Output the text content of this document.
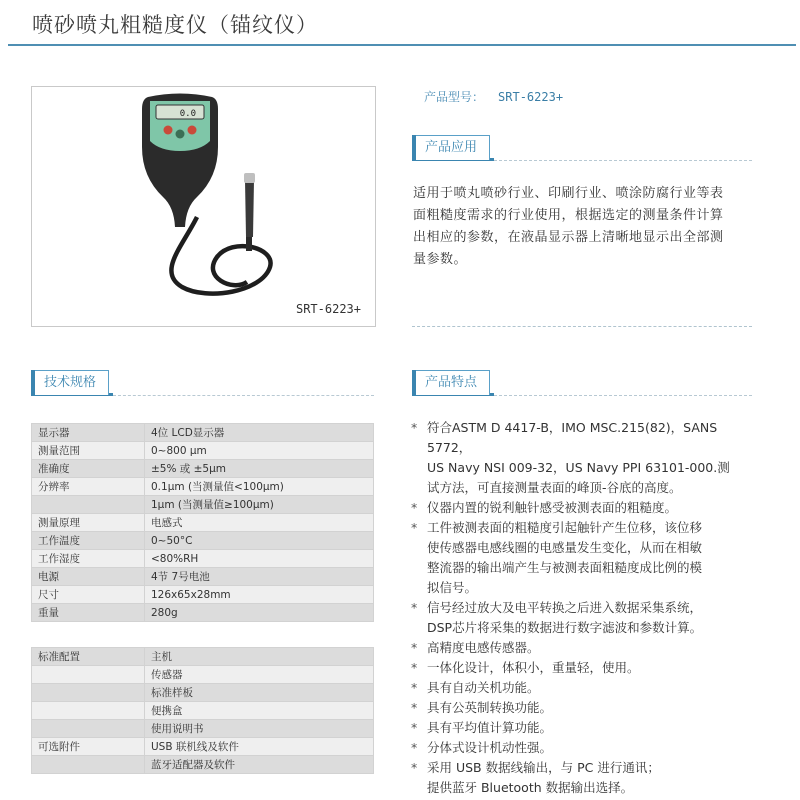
喷砂喷丸粗糙度仪（锚纹仪）
0.0
SRT-6223+
产品型号： SRT-6223+
产品应用
适用于喷丸喷砂行业、印刷行业、喷涂防腐行业等表
面粗糙度需求的行业使用，根据选定的测量条件计算
出相应的参数，在液晶显示器上清晰地显示出全部测
量参数。
技术规格	产品特点
显示器	4位 LCD显示器
测量范围	0~800 μm
准确度	±5% 或 ±5μm
分辨率	0.1μm (当测量值<100μm)
	1μm (当测量值≥100μm)
测量原理	电感式
工作温度	0~50°C
工作湿度	<80%RH
电源	4节 7号电池
尺寸	126x65x28mm
重量	280g
标准配置	主机
	传感器
	标准样板
	便携盒
	使用说明书
可选附件	USB 联机线及软件
	蓝牙适配器及软件
* 符合ASTM D 4417-B，IMO MSC.215(82)，SANS 5772，
US Navy NSI 009-32，US Navy PPI 63101-000.测
试方法，可直接测量表面的峰顶-谷底的高度。
* 仪器内置的锐利触针感受被测表面的粗糙度。
* 工件被测表面的粗糙度引起触针产生位移，该位移
使传感器电感线圈的电感量发生变化，从而在相敏
整流器的输出端产生与被测表面粗糙度成比例的模
拟信号。
* 信号经过放大及电平转换之后进入数据采集系统，
DSP芯片将采集的数据进行数字滤波和参数计算。
* 高精度电感传感器。
* 一体化设计，体积小，重量轻，使用。
* 具有自动关机功能。
* 具有公英制转换功能。
* 具有平均值计算功能。
* 分体式设计机动性强。
* 采用 USB 数据线输出，与 PC 进行通讯；
提供蓝牙 Bluetooth 数据输出选择。
